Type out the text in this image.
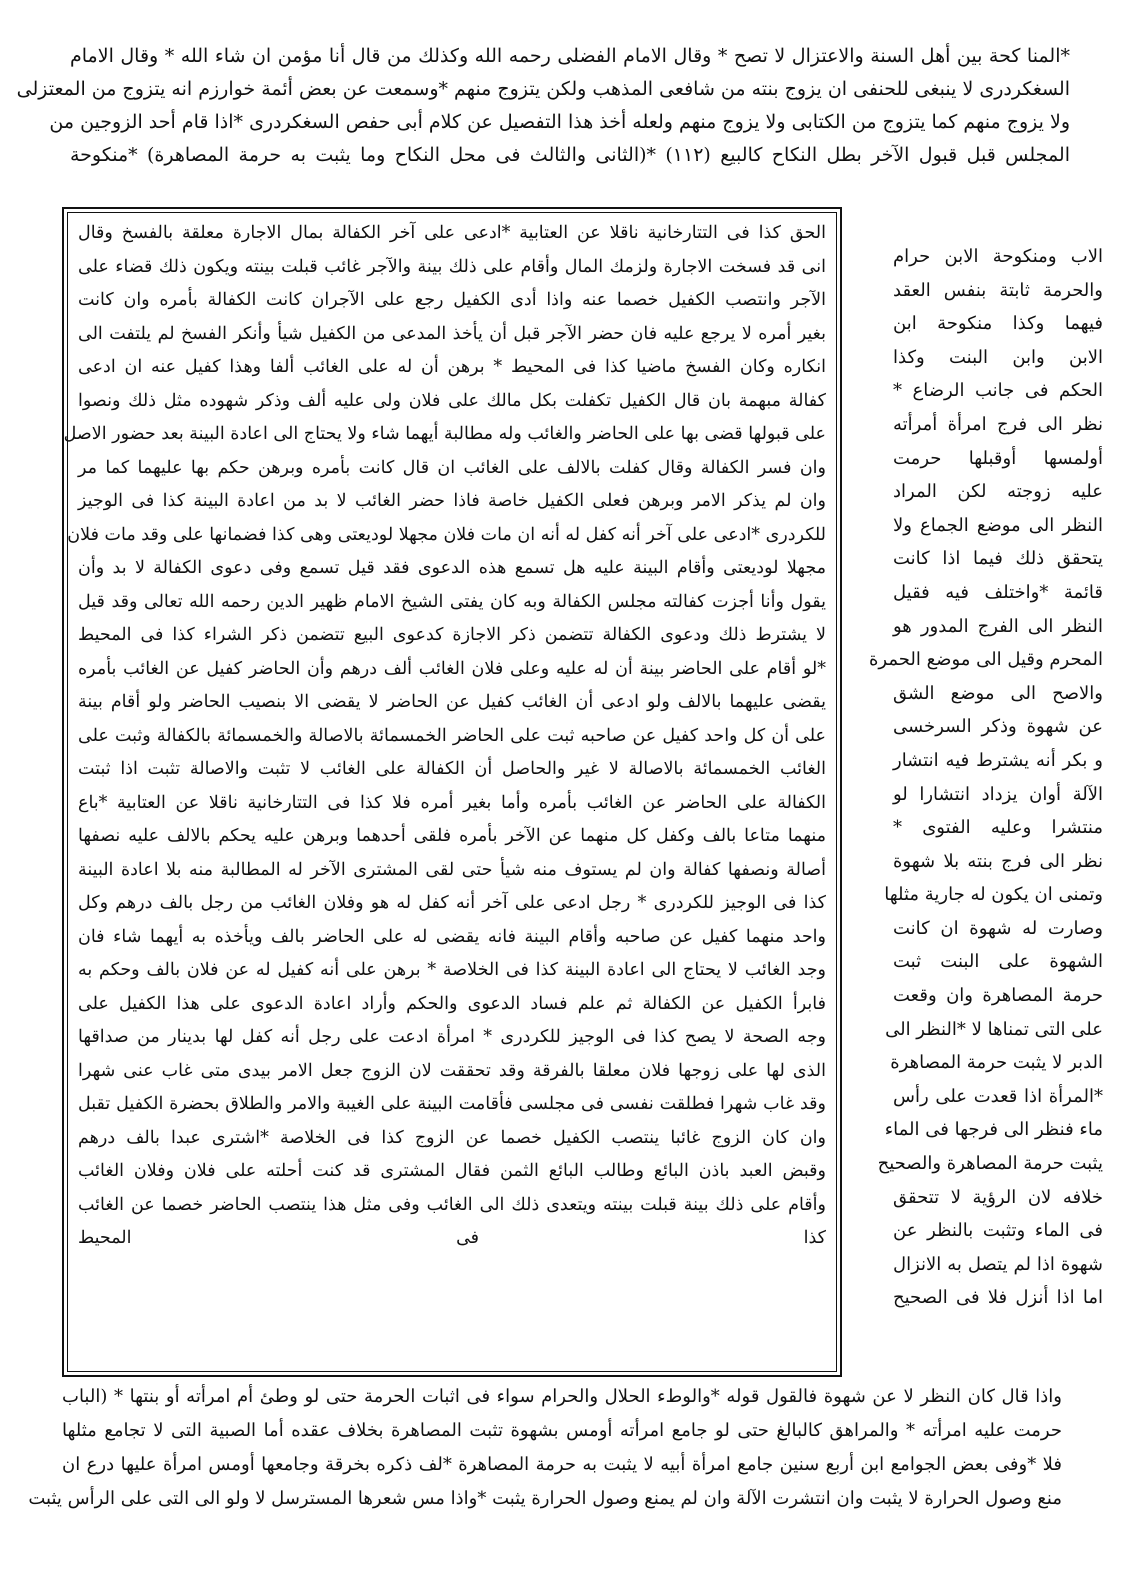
*المنا كحة بين أهل السنة والاعتزال لا تصح * وقال الامام الفضلى رحمه الله وكذلك من قال أنا مؤمن ان شاء الله * وقال الامام
السغكردرى لا ينبغى للحنفى ان يزوج بنته من شافعى المذهب ولكن يتزوج منهم *وسمعت عن بعض أئمة خوارزم انه يتزوج من المعتزلى
ولا يزوج منهم كما يتزوج من الكتابى ولا يزوج منهم ولعله أخذ هذا التفصيل عن كلام أبى حفص السغكردرى *اذا قام أحد الزوجين من
المجلس قبل قبول الآخر بطل النكاح كالبيع (١١٢) *(الثانى والثالث فى محل النكاح وما يثبت به حرمة المصاهرة) *منكوحة
الاب ومنكوحة الابن حرام
والحرمة ثابتة بنفس العقد
فيهما وكذا منكوحة ابن
الابن وابن البنت وكذا
الحكم فى جانب الرضاع *
نظر الى فرج امرأة أمرأته
أولمسها أوقبلها حرمت
عليه زوجته لكن المراد
النظر الى موضع الجماع ولا
يتحقق ذلك فيما اذا كانت
قائمة *واختلف فيه فقيل
النظر الى الفرج المدور هو
المحرم وقيل الى موضع الحمرة
والاصح الى موضع الشق
عن شهوة وذكر السرخسى
و بكر أنه يشترط فيه انتشار
الآلة أوان يزداد انتشارا لو
منتشرا وعليه الفتوى *
نظر الى فرج بنته بلا شهوة
وتمنى ان يكون له جارية مثلها
وصارت له شهوة ان كانت
الشهوة على البنت ثبت
حرمة المصاهرة وان وقعت
على التى تمناها لا *النظر الى
الدبر لا يثبت حرمة المصاهرة
*المرأة اذا قعدت على رأس
ماء فنظر الى فرجها فى الماء
يثبت حرمة المصاهرة والصحيح
خلافه لان الرؤية لا تتحقق
فى الماء وتثبت بالنظر عن
شهوة اذا لم يتصل به الانزال
اما اذا أنزل فلا فى الصحيح
الحق كذا فى التتارخانية ناقلا عن العتابية *ادعى على آخر الكفالة بمال الاجارة معلقة بالفسخ وقال
انى قد فسخت الاجارة ولزمك المال وأقام على ذلك بينة والآجر غائب قبلت بينته ويكون ذلك قضاء على
الآجر وانتصب الكفيل خصما عنه واذا أدى الكفيل رجع على الآجران كانت الكفالة بأمره وان كانت
بغير أمره لا يرجع عليه فان حضر الآجر قبل أن يأخذ المدعى من الكفيل شيأ وأنكر الفسخ لم يلتفت الى
انكاره وكان الفسخ ماضيا كذا فى المحيط * برهن أن له على الغائب ألفا وهذا كفيل عنه ان ادعى
كفالة مبهمة بان قال الكفيل تكفلت بكل مالك على فلان ولى عليه ألف وذكر شهوده مثل ذلك ونصوا
على قبولها قضى بها على الحاضر والغائب وله مطالبة أيهما شاء ولا يحتاج الى اعادة البينة بعد حضور الاصل
وان فسر الكفالة وقال كفلت بالالف على الغائب ان قال كانت بأمره وبرهن حكم بها عليهما كما مر
وان لم يذكر الامر وبرهن فعلى الكفيل خاصة فاذا حضر الغائب لا بد من اعادة البينة كذا فى الوجيز
للكردرى *ادعى على آخر أنه كفل له أنه ان مات فلان مجهلا لوديعتى وهى كذا فضمانها على وقد مات فلان
مجهلا لوديعتى وأقام البينة عليه هل تسمع هذه الدعوى فقد قيل تسمع وفى دعوى الكفالة لا بد وأن
يقول وأنا أجزت كفالته مجلس الكفالة وبه كان يفتى الشيخ الامام ظهير الدين رحمه الله تعالى وقد قيل
لا يشترط ذلك ودعوى الكفالة تتضمن ذكر الاجازة كدعوى البيع تتضمن ذكر الشراء كذا فى المحيط
*لو أقام على الحاضر بينة أن له عليه وعلى فلان الغائب ألف درهم وأن الحاضر كفيل عن الغائب بأمره
يقضى عليهما بالالف ولو ادعى أن الغائب كفيل عن الحاضر لا يقضى الا بنصيب الحاضر ولو أقام بينة
على أن كل واحد كفيل عن صاحبه ثبت على الحاضر الخمسمائة بالاصالة والخمسمائة بالكفالة وثبت على
الغائب الخمسمائة بالاصالة لا غير والحاصل أن الكفالة على الغائب لا تثبت والاصالة تثبت اذا ثبتت
الكفالة على الحاضر عن الغائب بأمره وأما بغير أمره فلا كذا فى التتارخانية ناقلا عن العتابية *باع
منهما متاعا بالف وكفل كل منهما عن الآخر بأمره فلقى أحدهما وبرهن عليه يحكم بالالف عليه نصفها
أصالة ونصفها كفالة وان لم يستوف منه شيأ حتى لقى المشترى الآخر له المطالبة منه بلا اعادة البينة
كذا فى الوجيز للكردرى * رجل ادعى على آخر أنه كفل له هو وفلان الغائب من رجل بالف درهم وكل
واحد منهما كفيل عن صاحبه وأقام البينة فانه يقضى له على الحاضر بالف ويأخذه به أيهما شاء فان
وجد الغائب لا يحتاج الى اعادة البينة كذا فى الخلاصة * برهن على أنه كفيل له عن فلان بالف وحكم به
فابرأ الكفيل عن الكفالة ثم علم فساد الدعوى والحكم وأراد اعادة الدعوى على هذا الكفيل على
وجه الصحة لا يصح كذا فى الوجيز للكردرى * امرأة ادعت على رجل أنه كفل لها بدينار من صداقها
الذى لها على زوجها فلان معلقا بالفرقة وقد تحققت لان الزوج جعل الامر بيدى متى غاب عنى شهرا
وقد غاب شهرا فطلقت نفسى فى مجلسى فأقامت البينة على الغيبة والامر والطلاق بحضرة الكفيل تقبل
وان كان الزوج غائبا ينتصب الكفيل خصما عن الزوج كذا فى الخلاصة *اشترى عبدا بالف درهم
وقبض العبد باذن البائع وطالب البائع الثمن فقال المشترى قد كنت أحلته على فلان وفلان الغائب
وأقام على ذلك بينة قبلت بينته ويتعدى ذلك الى الغائب وفى مثل هذا ينتصب الحاضر خصما عن الغائب
كذا فى المحيط
واذا قال كان النظر لا عن شهوة فالقول قوله *والوطء الحلال والحرام سواء فى اثبات الحرمة حتى لو وطئ أم امرأته أو بنتها * (الباب
حرمت عليه امرأته * والمراهق كالبالغ حتى لو جامع امرأته أومس بشهوة تثبت المصاهرة بخلاف عقده أما الصبية التى لا تجامع مثلها
فلا *وفى بعض الجوامع ابن أربع سنين جامع امرأة أبيه لا يثبت به حرمة المصاهرة *لف ذكره بخرقة وجامعها أومس امرأة عليها درع ان
منع وصول الحرارة لا يثبت وان انتشرت الآلة وان لم يمنع وصول الحرارة يثبت *واذا مس شعرها المسترسل لا ولو الى التى على الرأس يثبت
